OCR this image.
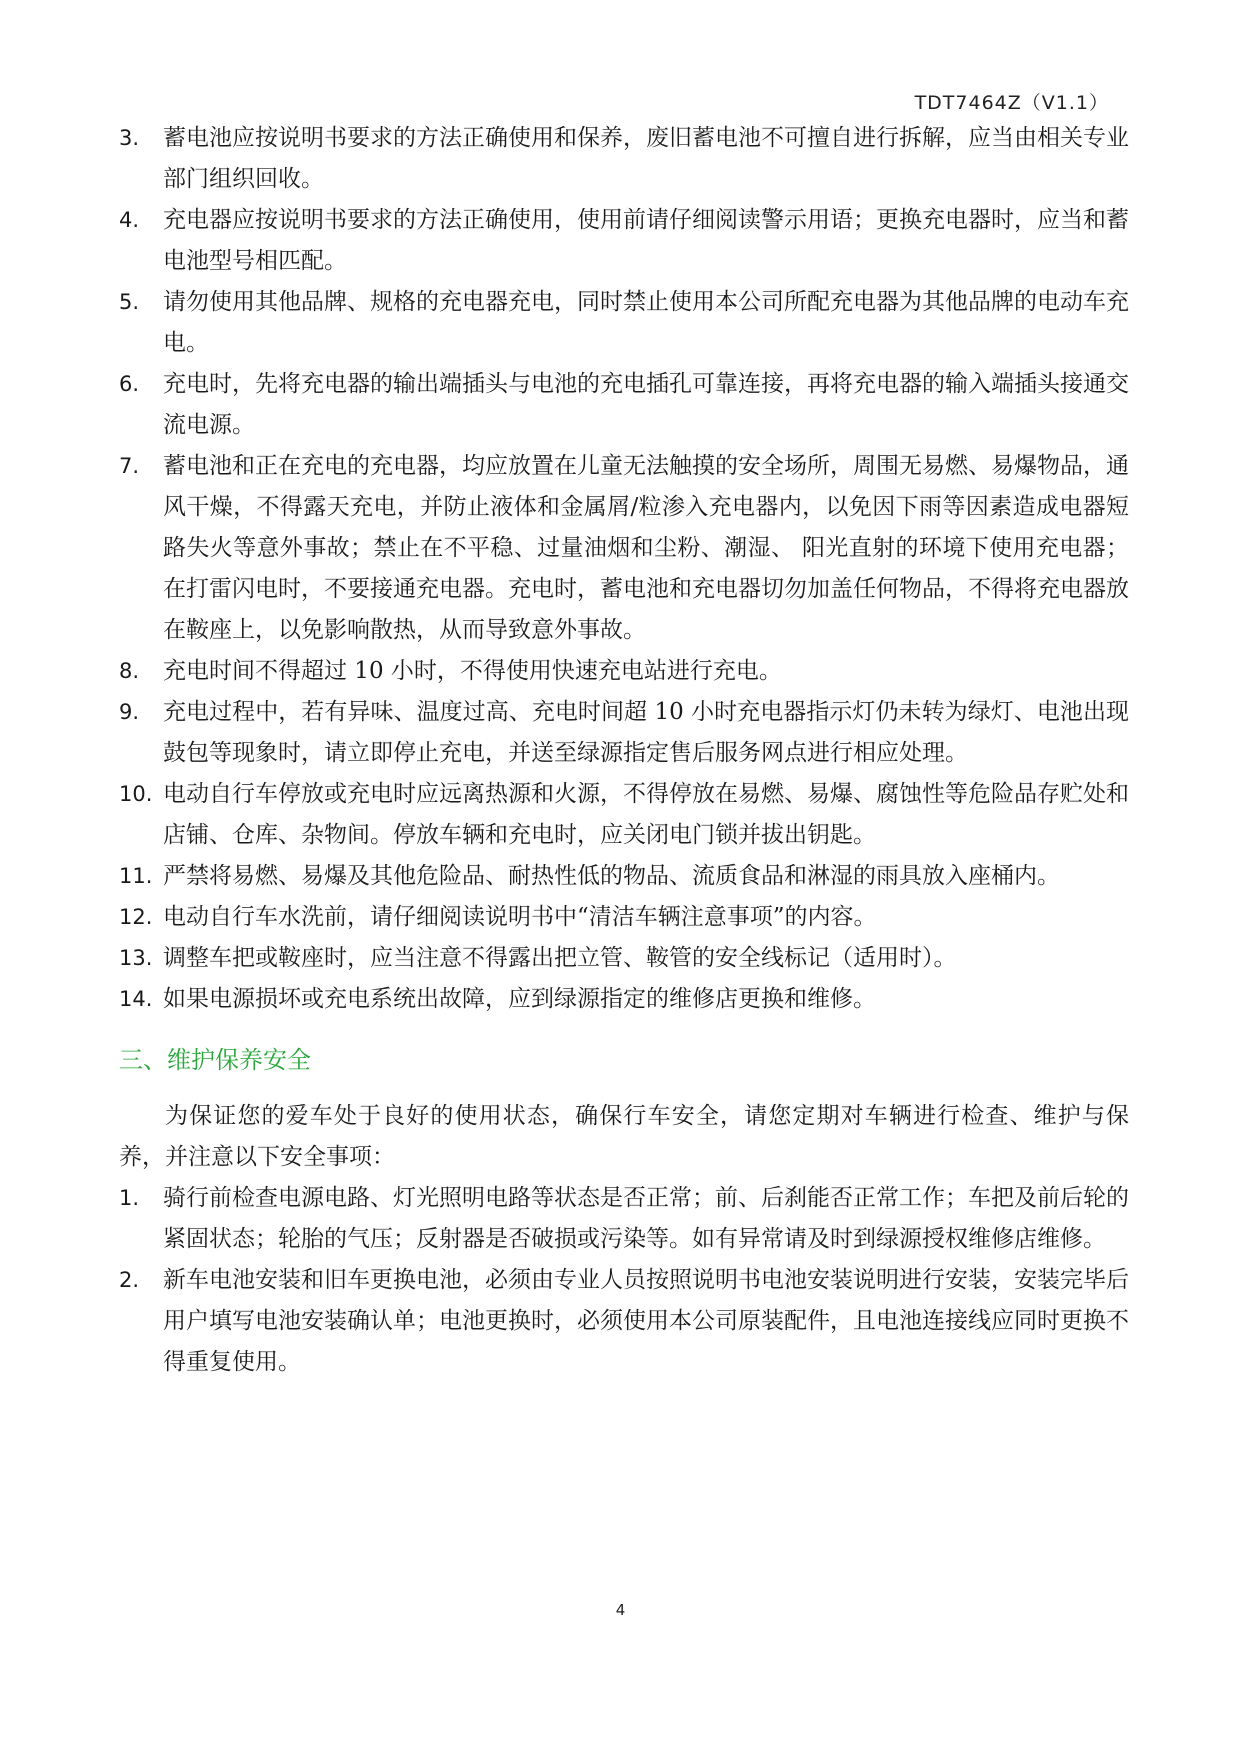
TDT7464Z（V1.1）
3.	蓄电池应按说明书要求的方法正确使用和保养，废旧蓄电池不可擅自进行拆解，应当由相关专业部门组织回收。
4.	充电器应按说明书要求的方法正确使用，使用前请仔细阅读警示用语；更换充电器时，应当和蓄电池型号相匹配。
5.	请勿使用其他品牌、规格的充电器充电，同时禁止使用本公司所配充电器为其他品牌的电动车充电。
6.	充电时，先将充电器的输出端插头与电池的充电插孔可靠连接，再将充电器的输入端插头接通交流电源。
7.	蓄电池和正在充电的充电器，均应放置在儿童无法触摸的安全场所，周围无易燃、易爆物品，通风干燥，不得露天充电，并防止液体和金属屑/粒渗入充电器内，以免因下雨等因素造成电器短路失火等意外事故；禁止在不平稳、过量油烟和尘粉、潮湿、 阳光直射的环境下使用充电器；在打雷闪电时，不要接通充电器。充电时，蓄电池和充电器切勿加盖任何物品，不得将充电器放在鞍座上，以免影响散热，从而导致意外事故。
8.	充电时间不得超过 10 小时，不得使用快速充电站进行充电。
9.	充电过程中，若有异味、温度过高、充电时间超 10 小时充电器指示灯仍未转为绿灯、电池出现鼓包等现象时，请立即停止充电，并送至绿源指定售后服务网点进行相应处理。
10. 电动自行车停放或充电时应远离热源和火源，不得停放在易燃、易爆、腐蚀性等危险品存贮处和店铺、仓库、杂物间。停放车辆和充电时，应关闭电门锁并拔出钥匙。
11. 严禁将易燃、易爆及其他危险品、耐热性低的物品、流质食品和淋湿的雨具放入座桶内。
12. 电动自行车水洗前，请仔细阅读说明书中“清洁车辆注意事项”的内容。
13. 调整车把或鞍座时，应当注意不得露出把立管、鞍管的安全线标记（适用时）。
14. 如果电源损坏或充电系统出故障，应到绿源指定的维修店更换和维修。
三、维护保养安全
为保证您的爱车处于良好的使用状态，确保行车安全，请您定期对车辆进行检查、维护与保养，并注意以下安全事项：
1.	骑行前检查电源电路、灯光照明电路等状态是否正常；前、后刹能否正常工作；车把及前后轮的紧固状态；轮胎的气压；反射器是否破损或污染等。如有异常请及时到绿源授权维修店维修。
2.	新车电池安装和旧车更换电池，必须由专业人员按照说明书电池安装说明进行安装，安装完毕后用户填写电池安装确认单；电池更换时，必须使用本公司原装配件，且电池连接线应同时更换不得重复使用。
4
